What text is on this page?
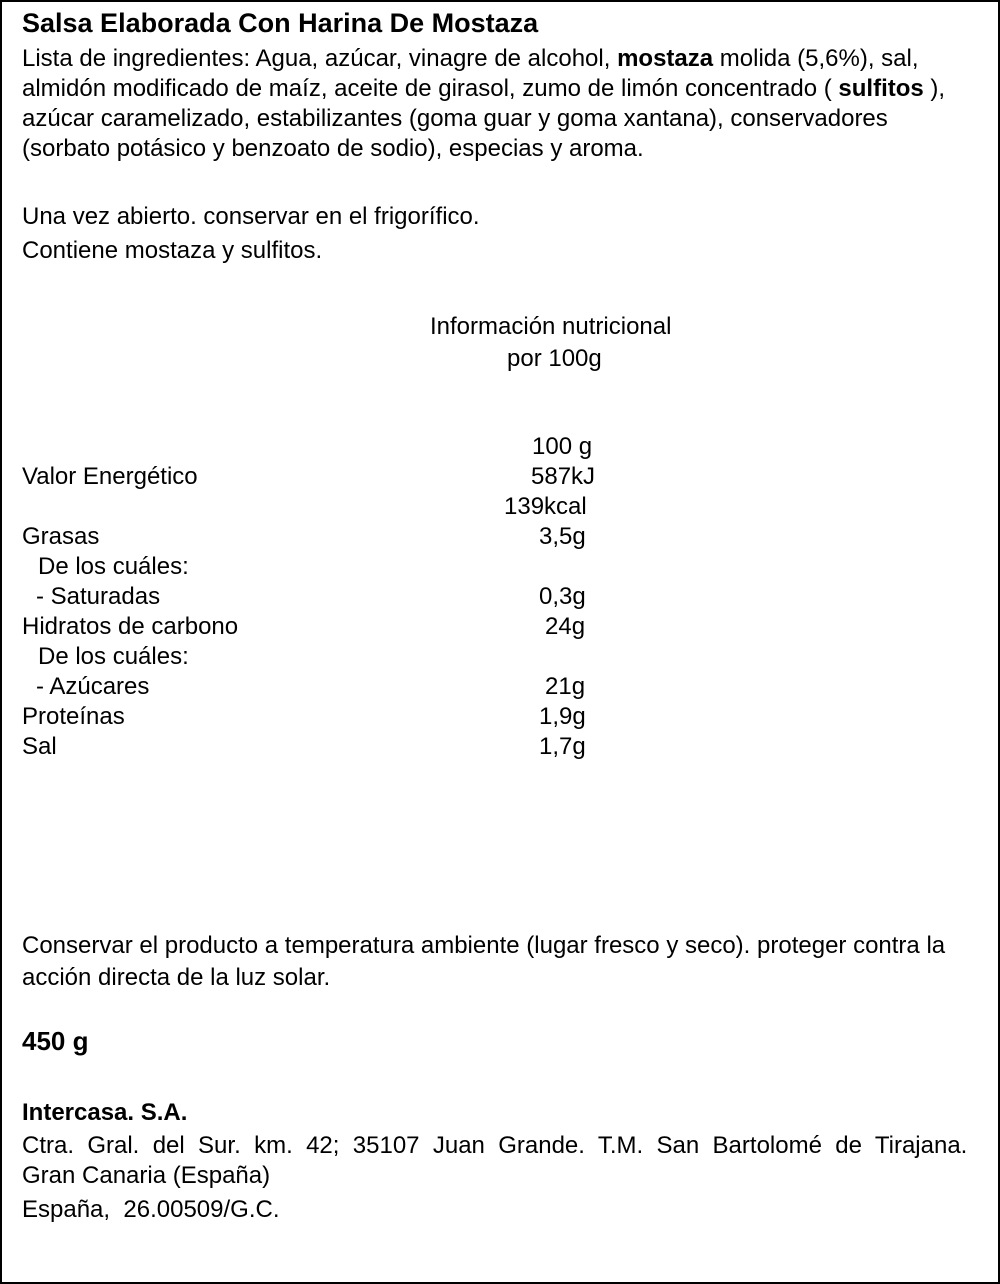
Salsa Elaborada Con Harina De Mostaza
Lista de ingredientes: Agua, azúcar, vinagre de alcohol, mostaza molida (5,6%), sal, almidón modificado de maíz, aceite de girasol, zumo de limón concentrado ( sulfitos ), azúcar caramelizado, estabilizantes (goma guar y goma xantana), conservadores (sorbato potásico y benzoato de sodio), especias y aroma.
Una vez abierto. conservar en el frigorífico.
Contiene mostaza y sulfitos.
Información nutricional
por 100g
100 g
Valor Energético	587kJ
139kcal
Grasas	3,5g
De los cuáles:
- Saturadas	0,3g
Hidratos de carbono	24g
De los cuáles:
- Azúcares	21g
Proteínas	1,9g
Sal	1,7g
Conservar el producto a temperatura ambiente (lugar fresco y seco). proteger contra la acción directa de la luz solar.
450 g
Intercasa. S.A.
Ctra.  Gral.  del  Sur.  km.  42;  35107  Juan  Grande.  T.M.  San  Bartolomé  de  Tirajana.
Gran Canaria (España)
España,  26.00509/G.C.
